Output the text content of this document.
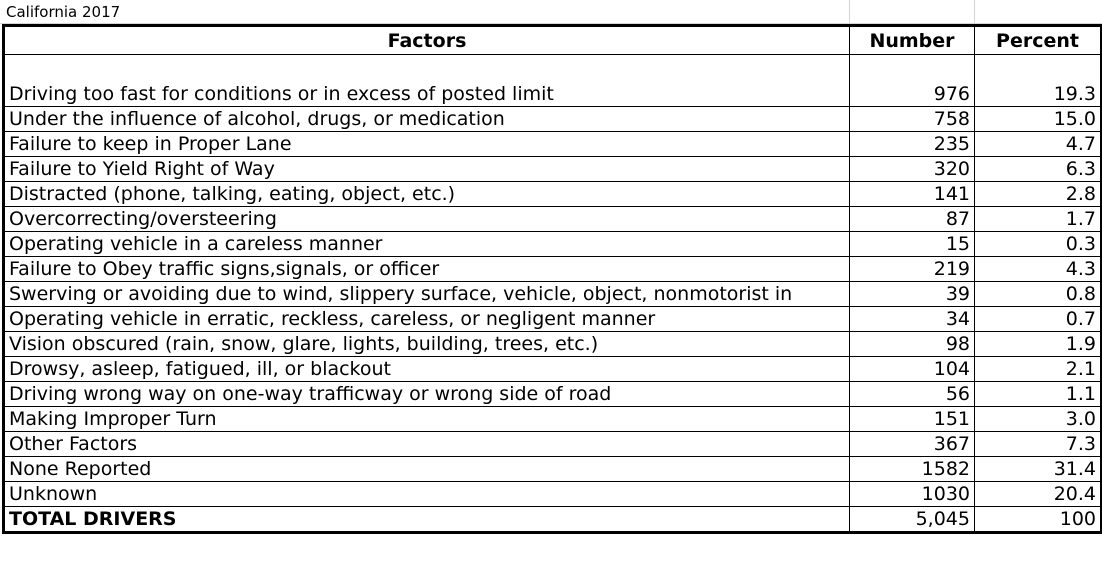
California 2017
Factors	Number	Percent

Driving too fast for conditions or in excess of posted limit	976	19.3
Under the influence of alcohol, drugs, or medication	758	15.0
Failure to keep in Proper Lane	235	4.7
Failure to Yield Right of Way	320	6.3
Distracted (phone, talking, eating, object, etc.)	141	2.8
Overcorrecting/oversteering	87	1.7
Operating vehicle in a careless manner	15	0.3
Failure to Obey traffic signs,signals, or officer	219	4.3
Swerving or avoiding due to wind, slippery surface, vehicle, object, nonmotorist in	39	0.8
Operating vehicle in erratic, reckless, careless, or negligent manner	34	0.7
Vision obscured (rain, snow, glare, lights, building, trees, etc.)	98	1.9
Drowsy, asleep, fatigued, ill, or blackout	104	2.1
Driving wrong way on one-way trafficway or wrong side of road	56	1.1
Making Improper Turn	151	3.0
Other Factors	367	7.3
None Reported	1582	31.4
Unknown	1030	20.4
TOTAL DRIVERS	5,045	100
